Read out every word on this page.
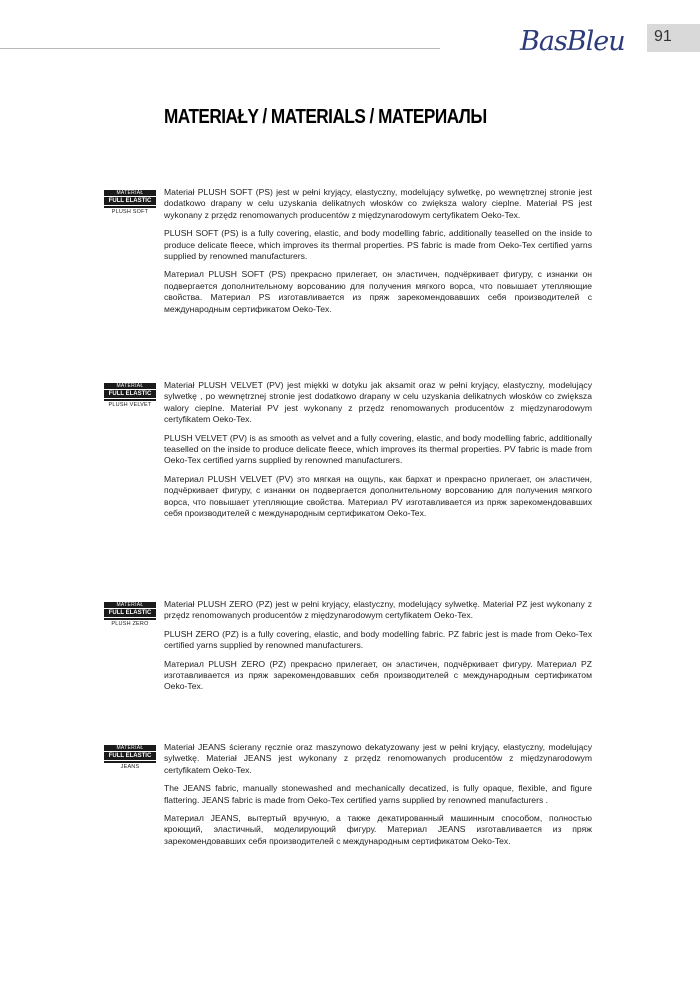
BasBleu 91
MATERIAŁY / MATERIALS / МАТЕРИАЛЫ
MATERIAŁ
FULL ELASTIC
PLUSH SOFT

Materiał PLUSH SOFT (PS) jest w pełni kryjący, elastyczny, modelujący sylwetkę, po wewnętrznej stronie jest dodatkowo drapany w celu uzyskania delikatnych włosków co zwiększa walory cieplne. Materiał PS jest wykonany z przędz renomowanych producentów z międzynarodowym certyfikatem Oeko-Tex.

PLUSH SOFT (PS) is a fully covering, elastic, and body modelling fabric, additionally teaselled on the inside to produce delicate fleece, which improves its thermal properties. PS fabric is made from Oeko-Tex certified yarns supplied by renowned manufacturers.

Материал PLUSH SOFT (PS) прекрасно прилегает, он эластичен, подчёркивает фигуру, с изнанки он подвергается дополнительному ворсованию для получения мягкого ворса, что повышает утепляющие свойства. Материал PS изготавливается из пряж зарекомендовавших себя производителей с международным сертификатом Oeko-Tex.

MATERIAŁ
FULL ELASTIC
PLUSH VELVET

Materiał PLUSH VELVET (PV) jest miękki w dotyku jak aksamit oraz w pełni kryjący, elastyczny, modelujący sylwetkę , po wewnętrznej stronie jest dodatkowo drapany w celu uzyskania delikatnych włosków co zwiększa walory cieplne. Materiał PV jest wykonany z przędz renomowanych producentów z międzynarodowym certyfikatem Oeko-Tex.

PLUSH VELVET (PV) is as smooth as velvet and a fully covering, elastic, and body modelling fabric, additionally teaselled on the inside to produce delicate fleece, which improves its thermal properties. PV fabric is made from Oeko-Tex certified yarns supplied by renowned manufacturers.

Материал PLUSH VELVET (PV) это мягкая на ощупь, как бархат и прекрасно прилегает, он эластичен, подчёркивает фигуру, с изнанки он подвергается дополнительному ворсованию для получения мягкого ворса, что повышает утепляющие свойства. Материал PV изготавливается из пряж зарекомендовавших себя производителей с международным сертификатом Oeko-Tex.

MATERIAŁ
FULL ELASTIC
PLUSH ZERO

Materiał PLUSH ZERO (PZ) jest w pełni kryjący, elastyczny, modelujący sylwetkę. Materiał PZ jest wykonany z przędz renomowanych producentów z międzynarodowym certyfikatem Oeko-Tex.

PLUSH ZERO (PZ) is a fully covering, elastic, and body modelling fabric. PZ fabric jest is made from Oeko-Tex certified yarns supplied by renowned manufacturers.

Материал PLUSH ZERO (PZ) прекрасно прилегает, он эластичен, подчёркивает фигуру. Материал PZ изготавливается из пряж зарекомендовавших себя производителей с международным сертификатом Oeko-Tex.

MATERIAŁ
FULL ELASTIC
JEANS

Materiał JEANS ścierany ręcznie oraz maszynowo dekatyzowany jest w pełni kryjący, elastyczny, modelujący sylwetkę. Materiał JEANS jest wykonany z przędz renomowanych producentów z międzynarodowym certyfikatem Oeko-Tex.

The JEANS fabric, manually stonewashed and mechanically decatized, is fully opaque, flexible, and figure flattering. JEANS fabric is made from Oeko-Tex certified yarns supplied by renowned manufacturers .

Материал JEANS, вытертый вручную, а также декатированный машинным способом, полностью кроющий, эластичный, моделирующий фигуру. Материал JEANS изготавливается из пряж зарекомендовавших себя производителей с международным сертификатом Oeko-Tex.
